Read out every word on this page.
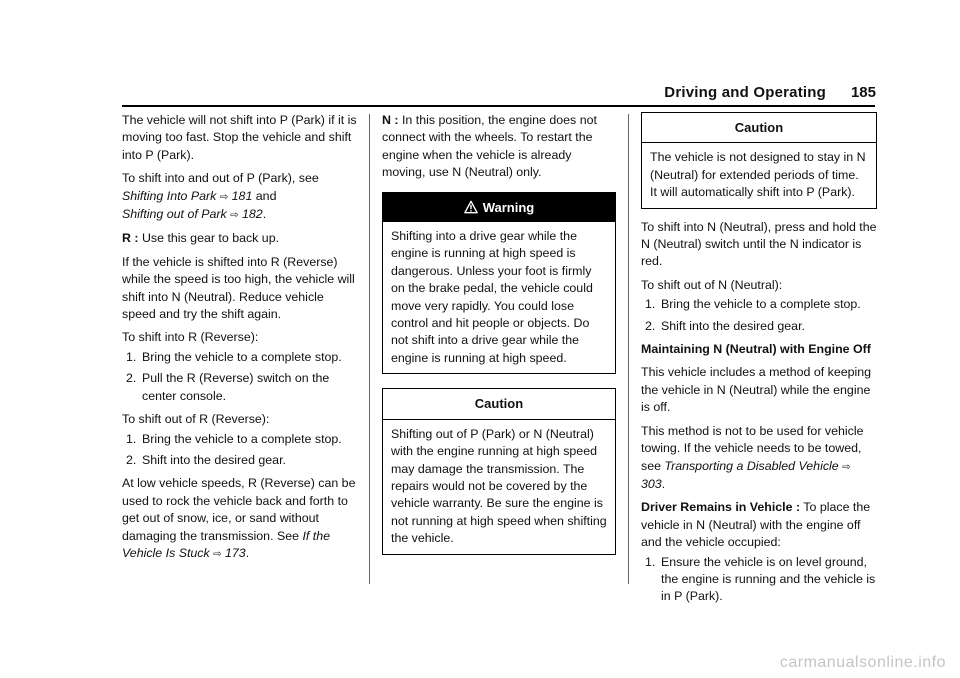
Driving and Operating 185

The vehicle will not shift into P (Park) if it is moving too fast. Stop the vehicle and shift into P (Park).

To shift into and out of P (Park), see Shifting Into Park ⇨ 181 and
Shifting out of Park ⇨ 182.

R : Use this gear to back up.

If the vehicle is shifted into R (Reverse) while the speed is too high, the vehicle will shift into N (Neutral). Reduce vehicle speed and try the shift again.

To shift into R (Reverse):

1. Bring the vehicle to a complete stop.
2. Pull the R (Reverse) switch on the center console.

To shift out of R (Reverse):

1. Bring the vehicle to a complete stop.
2. Shift into the desired gear.

At low vehicle speeds, R (Reverse) can be used to rock the vehicle back and forth to get out of snow, ice, or sand without damaging the transmission. See If the Vehicle Is Stuck ⇨ 173.

N : In this position, the engine does not connect with the wheels. To restart the engine when the vehicle is already moving, use N (Neutral) only.

Warning
Shifting into a drive gear while the engine is running at high speed is dangerous. Unless your foot is firmly on the brake pedal, the vehicle could move very rapidly. You could lose control and hit people or objects. Do not shift into a drive gear while the engine is running at high speed.
Caution
Shifting out of P (Park) or N (Neutral) with the engine running at high speed may damage the transmission. The repairs would not be covered by the vehicle warranty. Be sure the engine is not running at high speed when shifting the vehicle.
Caution
The vehicle is not designed to stay in N (Neutral) for extended periods of time. It will automatically shift into P (Park).

To shift into N (Neutral), press and hold the N (Neutral) switch until the N indicator is red.

To shift out of N (Neutral):

1. Bring the vehicle to a complete stop.
2. Shift into the desired gear.

Maintaining N (Neutral) with Engine Off

This vehicle includes a method of keeping the vehicle in N (Neutral) while the engine is off.

This method is not to be used for vehicle towing. If the vehicle needs to be towed, see Transporting a Disabled Vehicle ⇨ 303.

Driver Remains in Vehicle : To place the vehicle in N (Neutral) with the engine off and the vehicle occupied:

1. Ensure the vehicle is on level ground, the engine is running and the vehicle is in P (Park).
carmanualsonline.info
